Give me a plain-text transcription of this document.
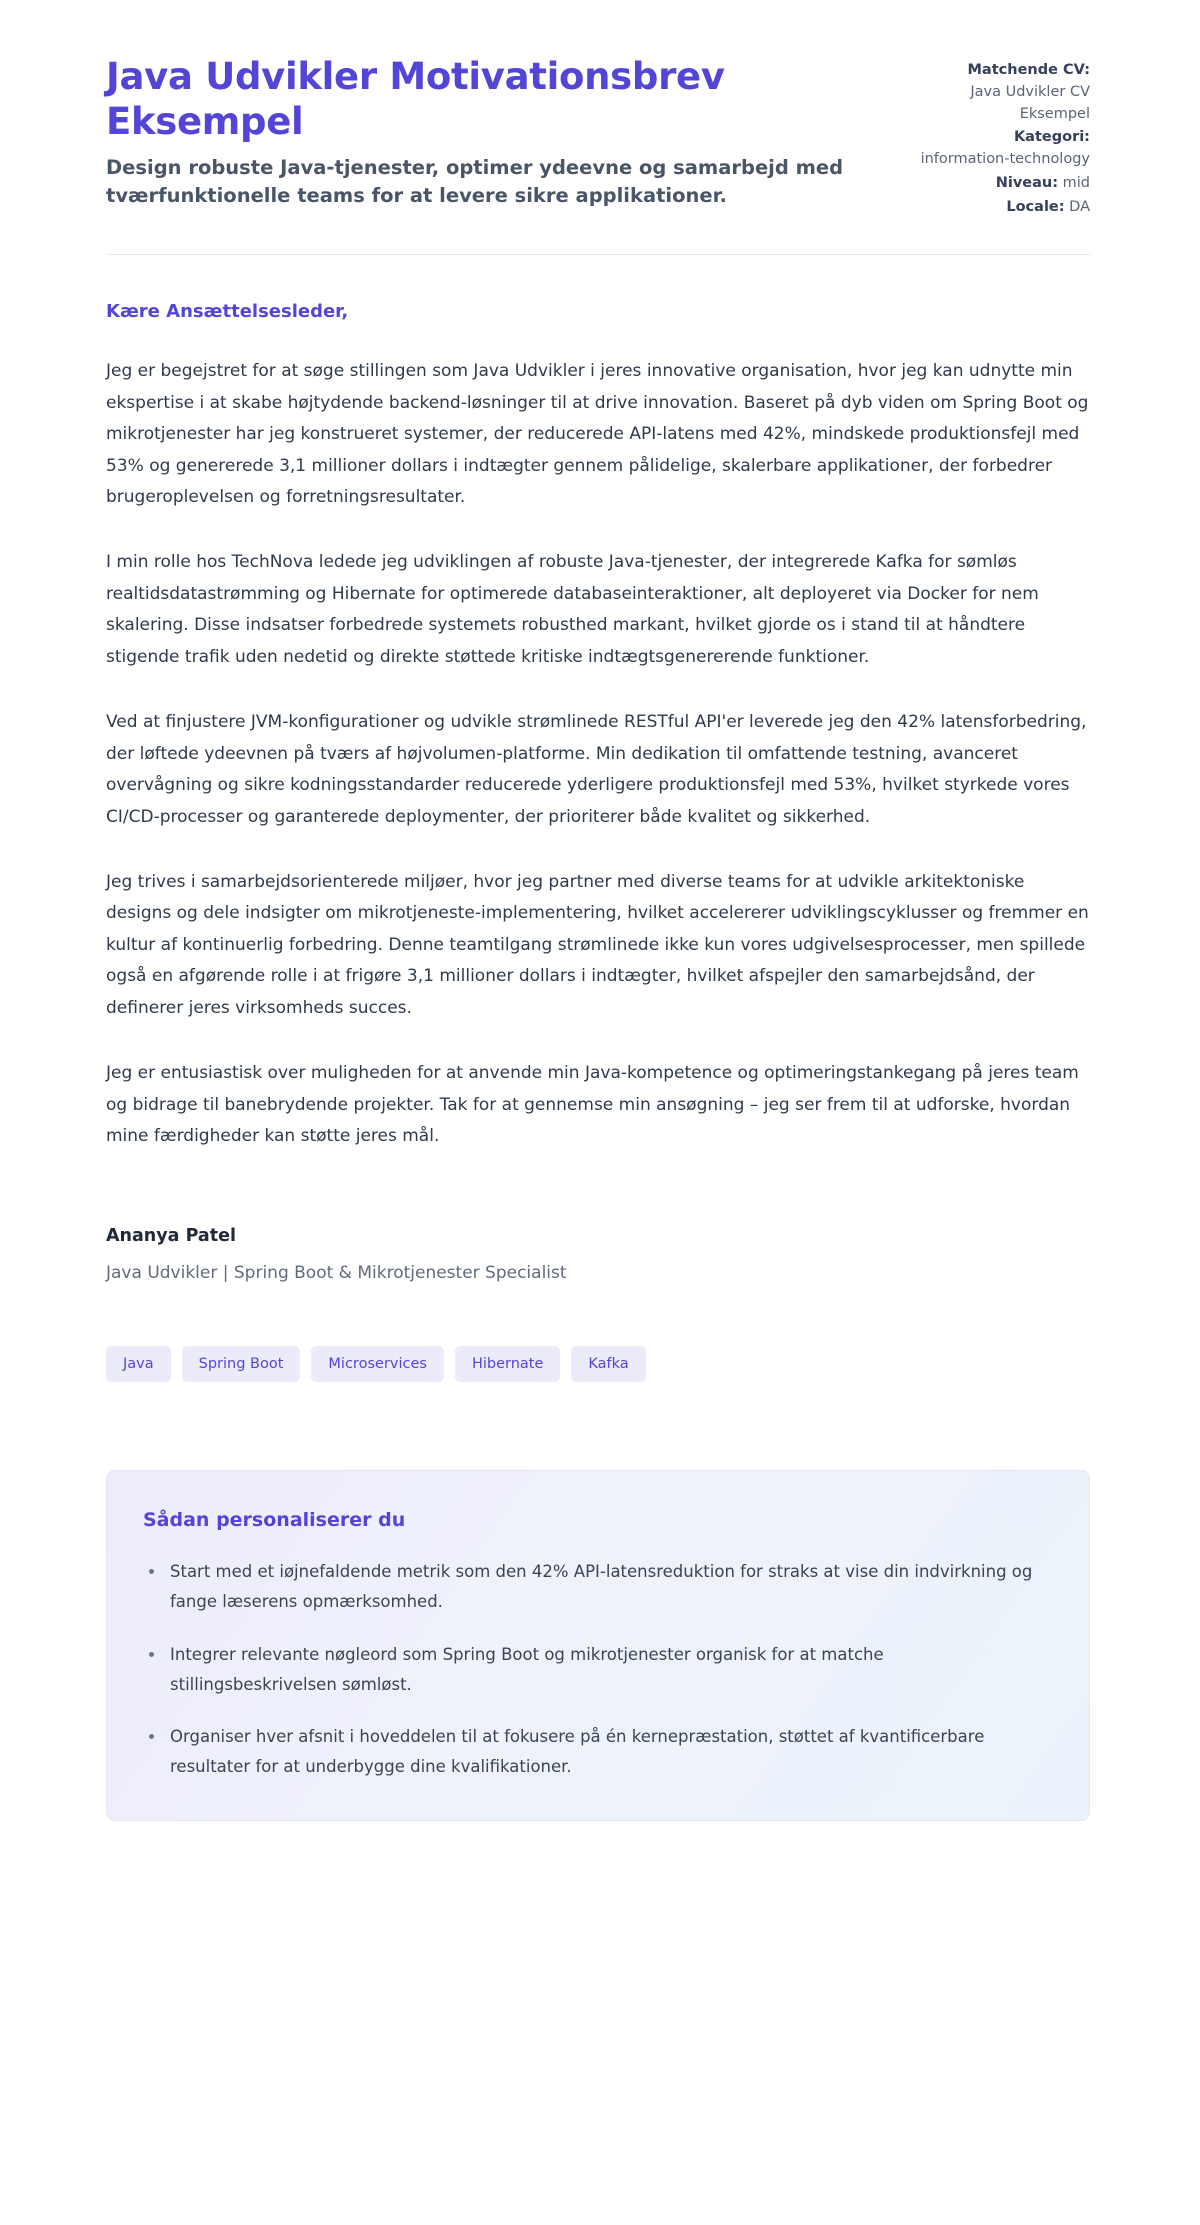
Java Udvikler Motivationsbrev Eksempel

Design robuste Java-tjenester, optimer ydeevne og samarbejd med tværfunktionelle teams for at levere sikre applikationer.

Matchende CV:
Java Udvikler CV Eksempel
Kategori:
information-technology
Niveau: mid
Locale: DA
Kære Ansættelsesleder,

Jeg er begejstret for at søge stillingen som Java Udvikler i jeres innovative organisation, hvor jeg kan udnytte min ekspertise i at skabe højtydende backend-løsninger til at drive innovation. Baseret på dyb viden om Spring Boot og mikrotjenester har jeg konstrueret systemer, der reducerede API-latens med 42%, mindskede produktionsfejl med 53% og genererede 3,1 millioner dollars i indtægter gennem pålidelige, skalerbare applikationer, der forbedrer brugeroplevelsen og forretningsresultater.

I min rolle hos TechNova ledede jeg udviklingen af robuste Java-tjenester, der integrerede Kafka for sømløs realtidsdatastrømming og Hibernate for optimerede databaseinteraktioner, alt deployeret via Docker for nem skalering. Disse indsatser forbedrede systemets robusthed markant, hvilket gjorde os i stand til at håndtere stigende trafik uden nedetid og direkte støttede kritiske indtægtsgenererende funktioner.

Ved at finjustere JVM-konfigurationer og udvikle strømlinede RESTful API'er leverede jeg den 42% latensforbedring, der løftede ydeevnen på tværs af højvolumen-platforme. Min dedikation til omfattende testning, avanceret overvågning og sikre kodningsstandarder reducerede yderligere produktionsfejl med 53%, hvilket styrkede vores CI/CD-processer og garanterede deploymenter, der prioriterer både kvalitet og sikkerhed.

Jeg trives i samarbejdsorienterede miljøer, hvor jeg partner med diverse teams for at udvikle arkitektoniske designs og dele indsigter om mikrotjeneste-implementering, hvilket accelererer udviklingscyklusser og fremmer en kultur af kontinuerlig forbedring. Denne teamtilgang strømlinede ikke kun vores udgivelsesprocesser, men spillede også en afgørende rolle i at frigøre 3,1 millioner dollars i indtægter, hvilket afspejler den samarbejdsånd, der definerer jeres virksomheds succes.

Jeg er entusiastisk over muligheden for at anvende min Java-kompetence og optimeringstankegang på jeres team og bidrage til banebrydende projekter. Tak for at gennemse min ansøgning – jeg ser frem til at udforske, hvordan mine færdigheder kan støtte jeres mål.

Ananya Patel
Java Udvikler | Spring Boot & Mikrotjenester Specialist
Java	Spring Boot	Microservices	Hibernate	Kafka
Sådan personaliserer du
Start med et iøjnefaldende metrik som den 42% API-latensreduktion for straks at vise din indvirkning og fange læserens opmærksomhed.
Integrer relevante nøgleord som Spring Boot og mikrotjenester organisk for at matche stillingsbeskrivelsen sømløst.
Organiser hver afsnit i hoveddelen til at fokusere på én kernepræstation, støttet af kvantificerbare resultater for at underbygge dine kvalifikationer.
